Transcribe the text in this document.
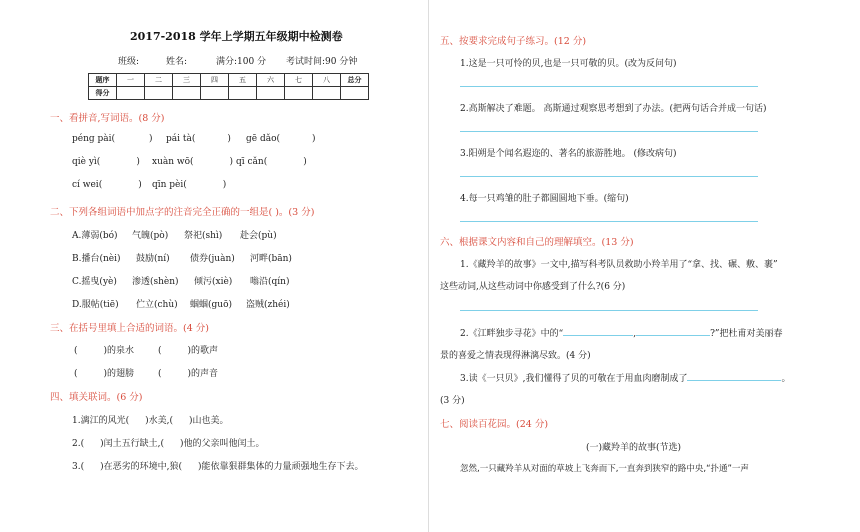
2017-2018 学年上学期五年级期中检测卷
班级:	姓名:	满分:100 分 考试时间:90 分钟
题序	一	二	三	四	五	六	七	八	总分
得分									
一、看拼音,写词语。(8 分)
péng pài(	) pái tà(	) gē dǎo(	)
qiè yì(	) xuàn wō(	) qī cǎn(	)
cí wei(	) qīn pèi(	)
二、下列各组词语中加点字的注音完全正确的一组是( )。(3 分)
A.薄弱(bó) 气魄(pò) 祭祀(shì) 赴会(pù)
B.播台(nèi) 鼓励(ní) 债券(juàn) 河畔(bān)
C.摇曳(yè) 渗透(shèn) 倾污(xiè) 嗡沿(qín)
D.服帖(tiē) 伫立(chù) 蝈蝈(guō) 盗贼(zhéi)
三、在括号里填上合适的词语。(4 分)
(	)的泉水	(	)的歌声
(	)的翅膀	(	)的声音
四、填关联词。(6 分)
1.漓江的风光( )水美,( )山也美。
2.( )闰土五行缺土,( )他的父亲叫他闰土。
3.( )在恶劣的环境中,狼( )能依靠狠群集体的力量顽强地生存下去。
五、按要求完成句子练习。(12 分)
1.这是一只可怜的贝,也是一只可敬的贝。(改为反问句)
2.高斯解决了难题。 高斯通过观察思考想到了办法。(把两句话合并成一句话)
3.阳朔是个闻名遐迩的、著名的旅游胜地。 (修改病句)
4.每一只鸡雏的肚子都圆圆地下垂。(缩句)
六、根据课文内容和自己的理解填空。(13 分)
1.《藏羚羊的故事》一文中,描写科考队员救助小羚羊用了“拿、找、碾、敷、裹”
这些动词,从这些动词中你感受到了什么?(6 分)
2.《江畔独步寻花》中的“	,	?”把杜甫对美丽春
景的喜爱之情表现得淋漓尽致。(4 分)
3.读《一只贝》,我们懂得了贝的可敬在于用血肉磨制成了	。
(3 分)
七、阅读百花园。(24 分)
(一)藏羚羊的故事(节选)
忽然,一只藏羚羊从对面的草坡上飞奔而下,一直奔到狭窄的路中央,“扑通”一声
